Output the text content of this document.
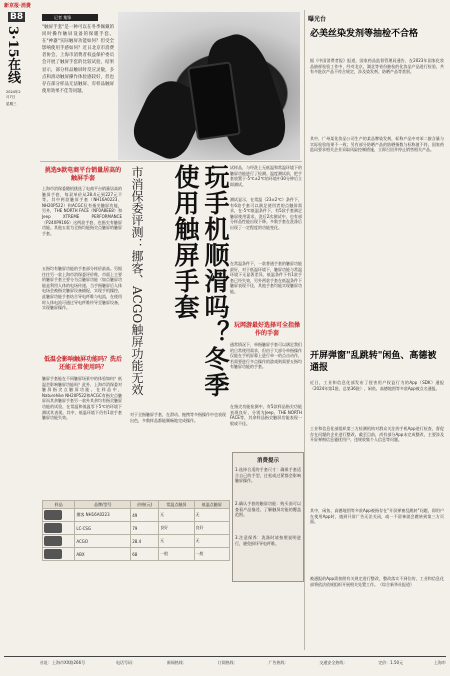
新京报·消费
B8
3·15在线
2024年2月7日
星期三
记者 集锋	曝光台
"触屏手套"是一种可以在冬季佩戴的同时操作触屏设备的保暖手套。在"神器"实际触屏功能如何？但受全影响使用手感如何？近日北京市消费者协会、上海市消费者权益保护委员会开展了触屏手套的比较试验，结果显示，部分样品触屏时反应灵敏，多点和滑动触屏操作体验感较好，但也存在部分样品无法触屏、有样品触屏使用效果不佳等问题。
挑选9款电商平台销量居高的触屏手套
上海市消保委随机挑选了电商平台销量居高的触屏手套，每双单价从28.4元到227元不等。其中两款触屏手套（NH16A0223、NH20P522）和ACGC仅有指尖触屏功能，另外，THE NORTH FACE（NF0A8EE8）和Jeep XTREME PERFORMANCE（P24XP9166）这两款手套，也指尖有触屏功能。其他五款为全指均能指尖点触屏的触屏手套。
五指均有触屏功能的手套部分样价最高。另据往往另一款上海市消保委评价称，市面上主要的触屏手套主要分为点触屏功能（如点触屏功能是利用人体的电场传递，当手指触屏后人体电场会被指尖触屏设备捕捉，实现手机操控，此触屏功能手套结合导电纤维与电流，在使用时人体电流可通过导电纤维传导至触屏设备，实现触屏操作。
低温会影响触屏功能吗？洗后还能正常使用吗？
触屏手套能在不同触屏场景中的体验如何？低温会影响触屏功能吗？此外，上海市消保委对触屏指尖点触屏功能、在样品中，Naturehike NH20P522和ACGC有指尖点触屏而其余触屏手套另一款外其余均有指尖触屏功能的试验，在常温和低温零下5℃的环境下测试其表现。其中，低温环境下仍有1款手套触屏功能失效。
玩手机顺滑吗？冬季使用触屏手套
市消保委评测：挪客、ACGO触屏功能无效	试样品，与经洗上无低温和常温环境下的触屏功能进行了检测。温度测试前，把手套放置于-5℃±2℃的环境中30分钟后立即测试。
测试显示，在常温（23±2℃）条件下，有6款手套可以满足使用者的点触屏需求，在-5℃低温条件下，有5款手套满足触屏使用需求。洗后2次测试中，也有部分样品性能出现下降。多数手套在洗涤后出现了一定程度的功能变化。
在常温条件下，一款普通手套的触屏功能最好，对于低温环境下，触屏功能与常温环境下无显著差异，低温条件下有1款手套已经失效，另外两款手套在低温条件下触屏表现不佳，其他手套均能实现触屏功能。
玩网游最好选择可全指操作的手套
通常情况下，单指触屏手套可以满足我们的日常使用需求，但由于大部分单指操作仅能在手机屏幕上进行单一的点击动作，若需要进行多点操作的游戏则需要五指均有触屏功能的手套。
在指尖功能检测中，有5款样品指尖功能表现良好，分别为Jeep、THE NORTH FACE等，其余样品指尖触屏功能表现一般或不佳。
对于全指触屏手套，在滑动、拖拽等多指操作中也表现出色，多数样品都能顺畅地完成操作。
样品	品牌/型号	价格(元)	常温点触屏	低温点触屏
	挪客 NH16A0223	49	无	无
	LC·CSG	79	良好	良好
	ACGO	28.4	无	无
	ABX	68	一般	一般
消费提示
1.选择合适的手套尺寸：确保手套适合自己的手型，过松或过紧都会影响触屏操作。
2.确认手套的触屏功能：购买前可以查看产品描述，了解触屏功能的覆盖范围。
3.注意保养：洗涤时请按照说明进行，避免损坏导电纤维。
必美丝染发剂等抽检不合格
据《中国消费者报》报道，国家药品监督管理局通告，在2023年国家化妆品抽样检验工作中，经对北京、湖北等省份抽检的化妆品产品进行检验，共有多批次产品不符合规定，涉及染发剂、防晒产品等类别。
其中，广州某化妆品公司生产的某品牌染发剂，标称产品中对苯二胺含量与实际检验结果不一致；另有部分防晒产品的防晒指数与标称值不符。国家药监局要求相关企业采取风险控制措施，立即召回并停止销售相关产品。
开屏弹窗"乱跳转"闲鱼、高德被通报
近日，工业和信息化部发布了侵害用户权益行为的App（SDK）通报（2024年第1批，总第36批），闲鱼、高德地图等多款App被点名通报。
工业和信息化部组织第三方检测机构对群众关注的手机App进行检查，督促存在问题的企业进行整改。截至目前，尚有部分App未完成整改，主要涉及开屏弹窗信息骚扰用户、违规收集个人信息等问题。
其中，闲鱼、高德地图等多款App被指存在"开屏弹窗乱跳转"问题，即用户在使用App时，遇到开屏广告无法关闭，或一不留神就会跳转到第三方页面。
被通报的App需按照有关规定进行整改，整改落实不到位的，工业和信息化部将依法依规组织开展相关处置工作。（综合新华社报道）
社址：上海市XX路266号	电话号码：	新闻热线：	订阅热线：	广告热线：	交通安全热线：	定价：1.50元	上海市
